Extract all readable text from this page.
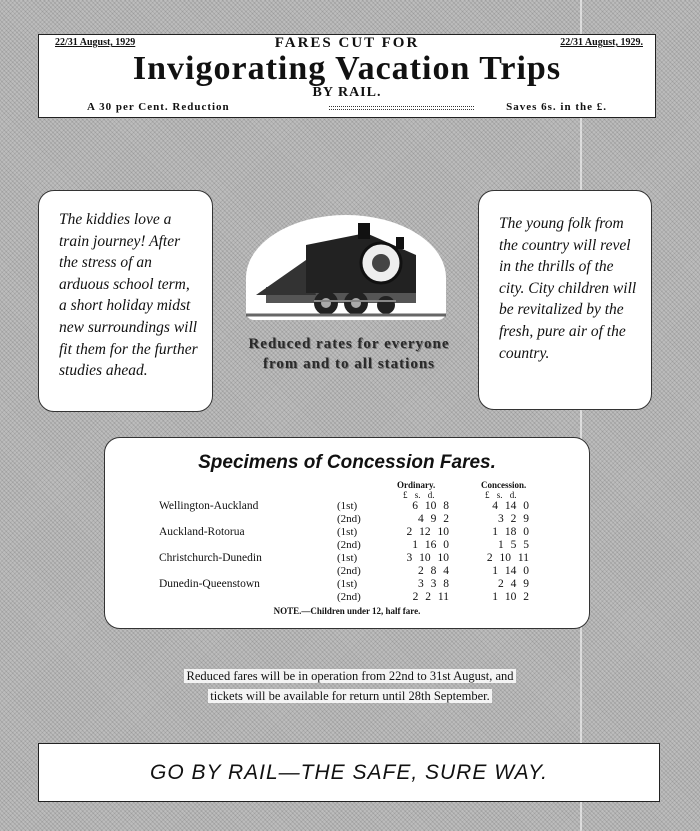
22/31 August, 1929	FARES CUT FOR	22/31 August, 1929.
Invigorating Vacation Trips
BY RAIL.
A 30 per Cent. Reduction	Saves 6s. in the £.
The kiddies love a train journey! After the stress of an arduous school term, a short holiday midst new surroundings will fit them for the further studies ahead.
Reduced rates for everyone from and to all stations
The young folk from the country will revel in the thrills of the city. City children will be revitalized by the fresh, pure air of the country.
Specimens of Concession Fares.
Ordinary.	Concession.
£ s. d.	£ s. d.
Wellington-Auckland	(1st)	6 10 8	4 14 0
(2nd)	4 9 2	3 2 9
Auckland-Rotorua	(1st)	2 12 10	1 18 0
(2nd)	1 16 0	1 5 5
Christchurch-Dunedin	(1st)	3 10 10	2 10 11
(2nd)	2 8 4	1 14 0
Dunedin-Queenstown	(1st)	3 3 8	2 4 9
(2nd)	2 2 11	1 10 2
NOTE.—Children under 12, half fare.
Reduced fares will be in operation from 22nd to 31st August, and
tickets will be available for return until 28th September.
GO BY RAIL—THE SAFE, SURE WAY.
